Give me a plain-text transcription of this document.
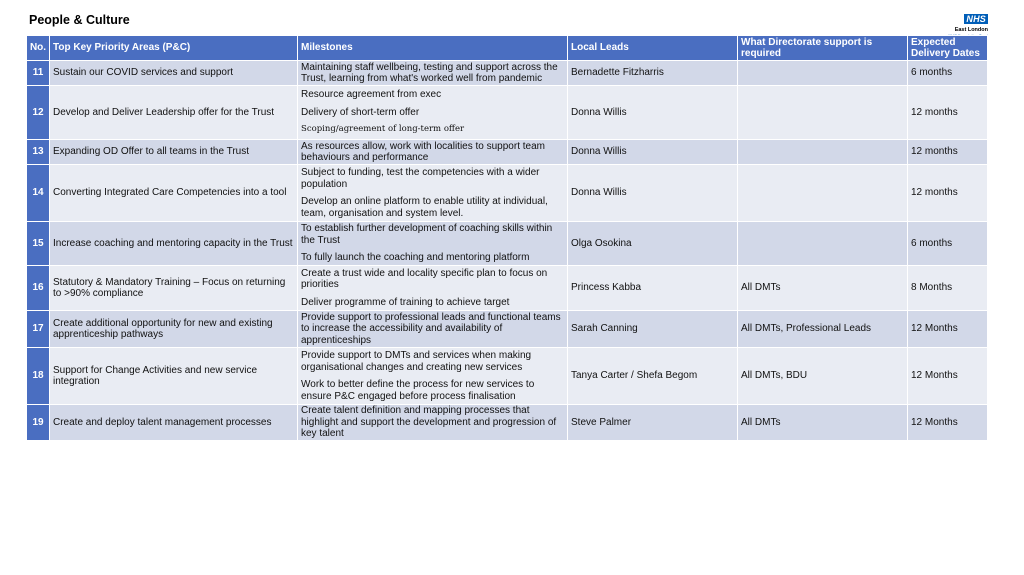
People & Culture	NHS
East London
No.	Top Key Priority Areas (P&C)	Milestones	Local Leads	What Directorate support is required	Expected Delivery Dates
11	Sustain our COVID services and support	Maintaining staff wellbeing, testing and support across the Trust, learning from what's worked well from pandemic	Bernadette Fitzharris		6 months
12	Develop and Deliver Leadership offer for the Trust	Resource agreement from exec
Delivery of short-term offer
Scoping/agreement of long-term offer	Donna Willis		12 months
13	Expanding OD Offer to all teams in the Trust	As resources allow, work with localities to support team behaviours and performance	Donna Willis		12 months
14	Converting Integrated Care Competencies into a tool	Subject to funding, test the competencies with a wider population
Develop an online platform to enable utility at individual, team, organisation and system level.	Donna Willis		12 months
15	Increase coaching and mentoring capacity in the Trust	To establish further development of coaching skills within the Trust
To fully launch the coaching and mentoring platform	Olga Osokina		6 months
16	Statutory & Mandatory Training – Focus on returning to >90% compliance	Create a trust wide and locality specific plan to focus on priorities
Deliver programme of training to achieve target	Princess Kabba	All DMTs	8 Months
17	Create additional opportunity for new and existing apprenticeship pathways	Provide support to professional leads and functional teams to increase the accessibility and availability of apprenticeships	Sarah Canning	All DMTs, Professional Leads	12 Months
18	Support for Change Activities and new service integration	Provide support to DMTs and services when making organisational changes and creating new services
Work to better define the process for new services to ensure P&C engaged before process finalisation	Tanya Carter / Shefa Begom	All DMTs, BDU	12 Months
19	Create and deploy talent management processes	Create talent definition and mapping processes that highlight and support the development and progression of key talent	Steve Palmer	All DMTs	12 Months
